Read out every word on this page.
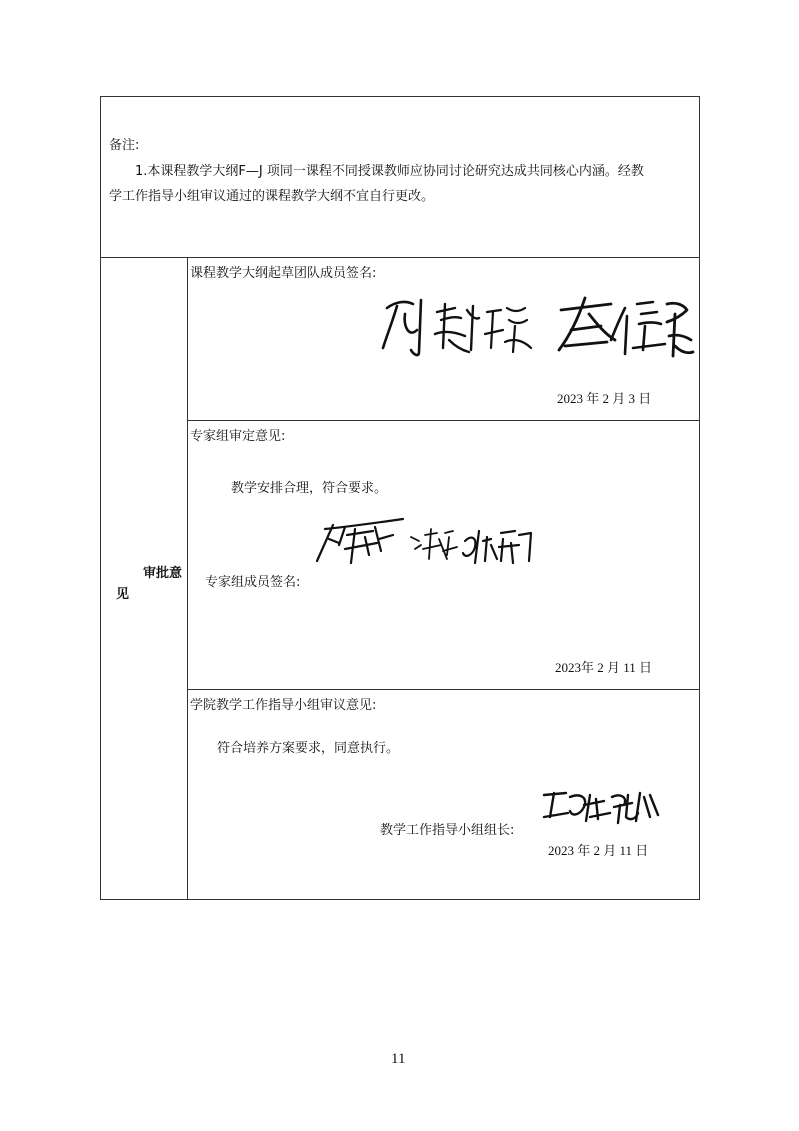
备注:
1.本课程教学大纲F—J 项同一课程不同授课教师应协同讨论研究达成共同核心内涵。经教
学工作指导小组审议通过的课程教学大纲不宜自行更改。
审批意
见
课程教学大纲起草团队成员签名:
2023 年 2 月 3 日
专家组审定意见:
教学安排合理，符合要求。
专家组成员签名:
2023年 2 月 11 日
学院教学工作指导小组审议意见:
符合培养方案要求，同意执行。
教学工作指导小组组长:
2023 年 2 月 11 日
11
